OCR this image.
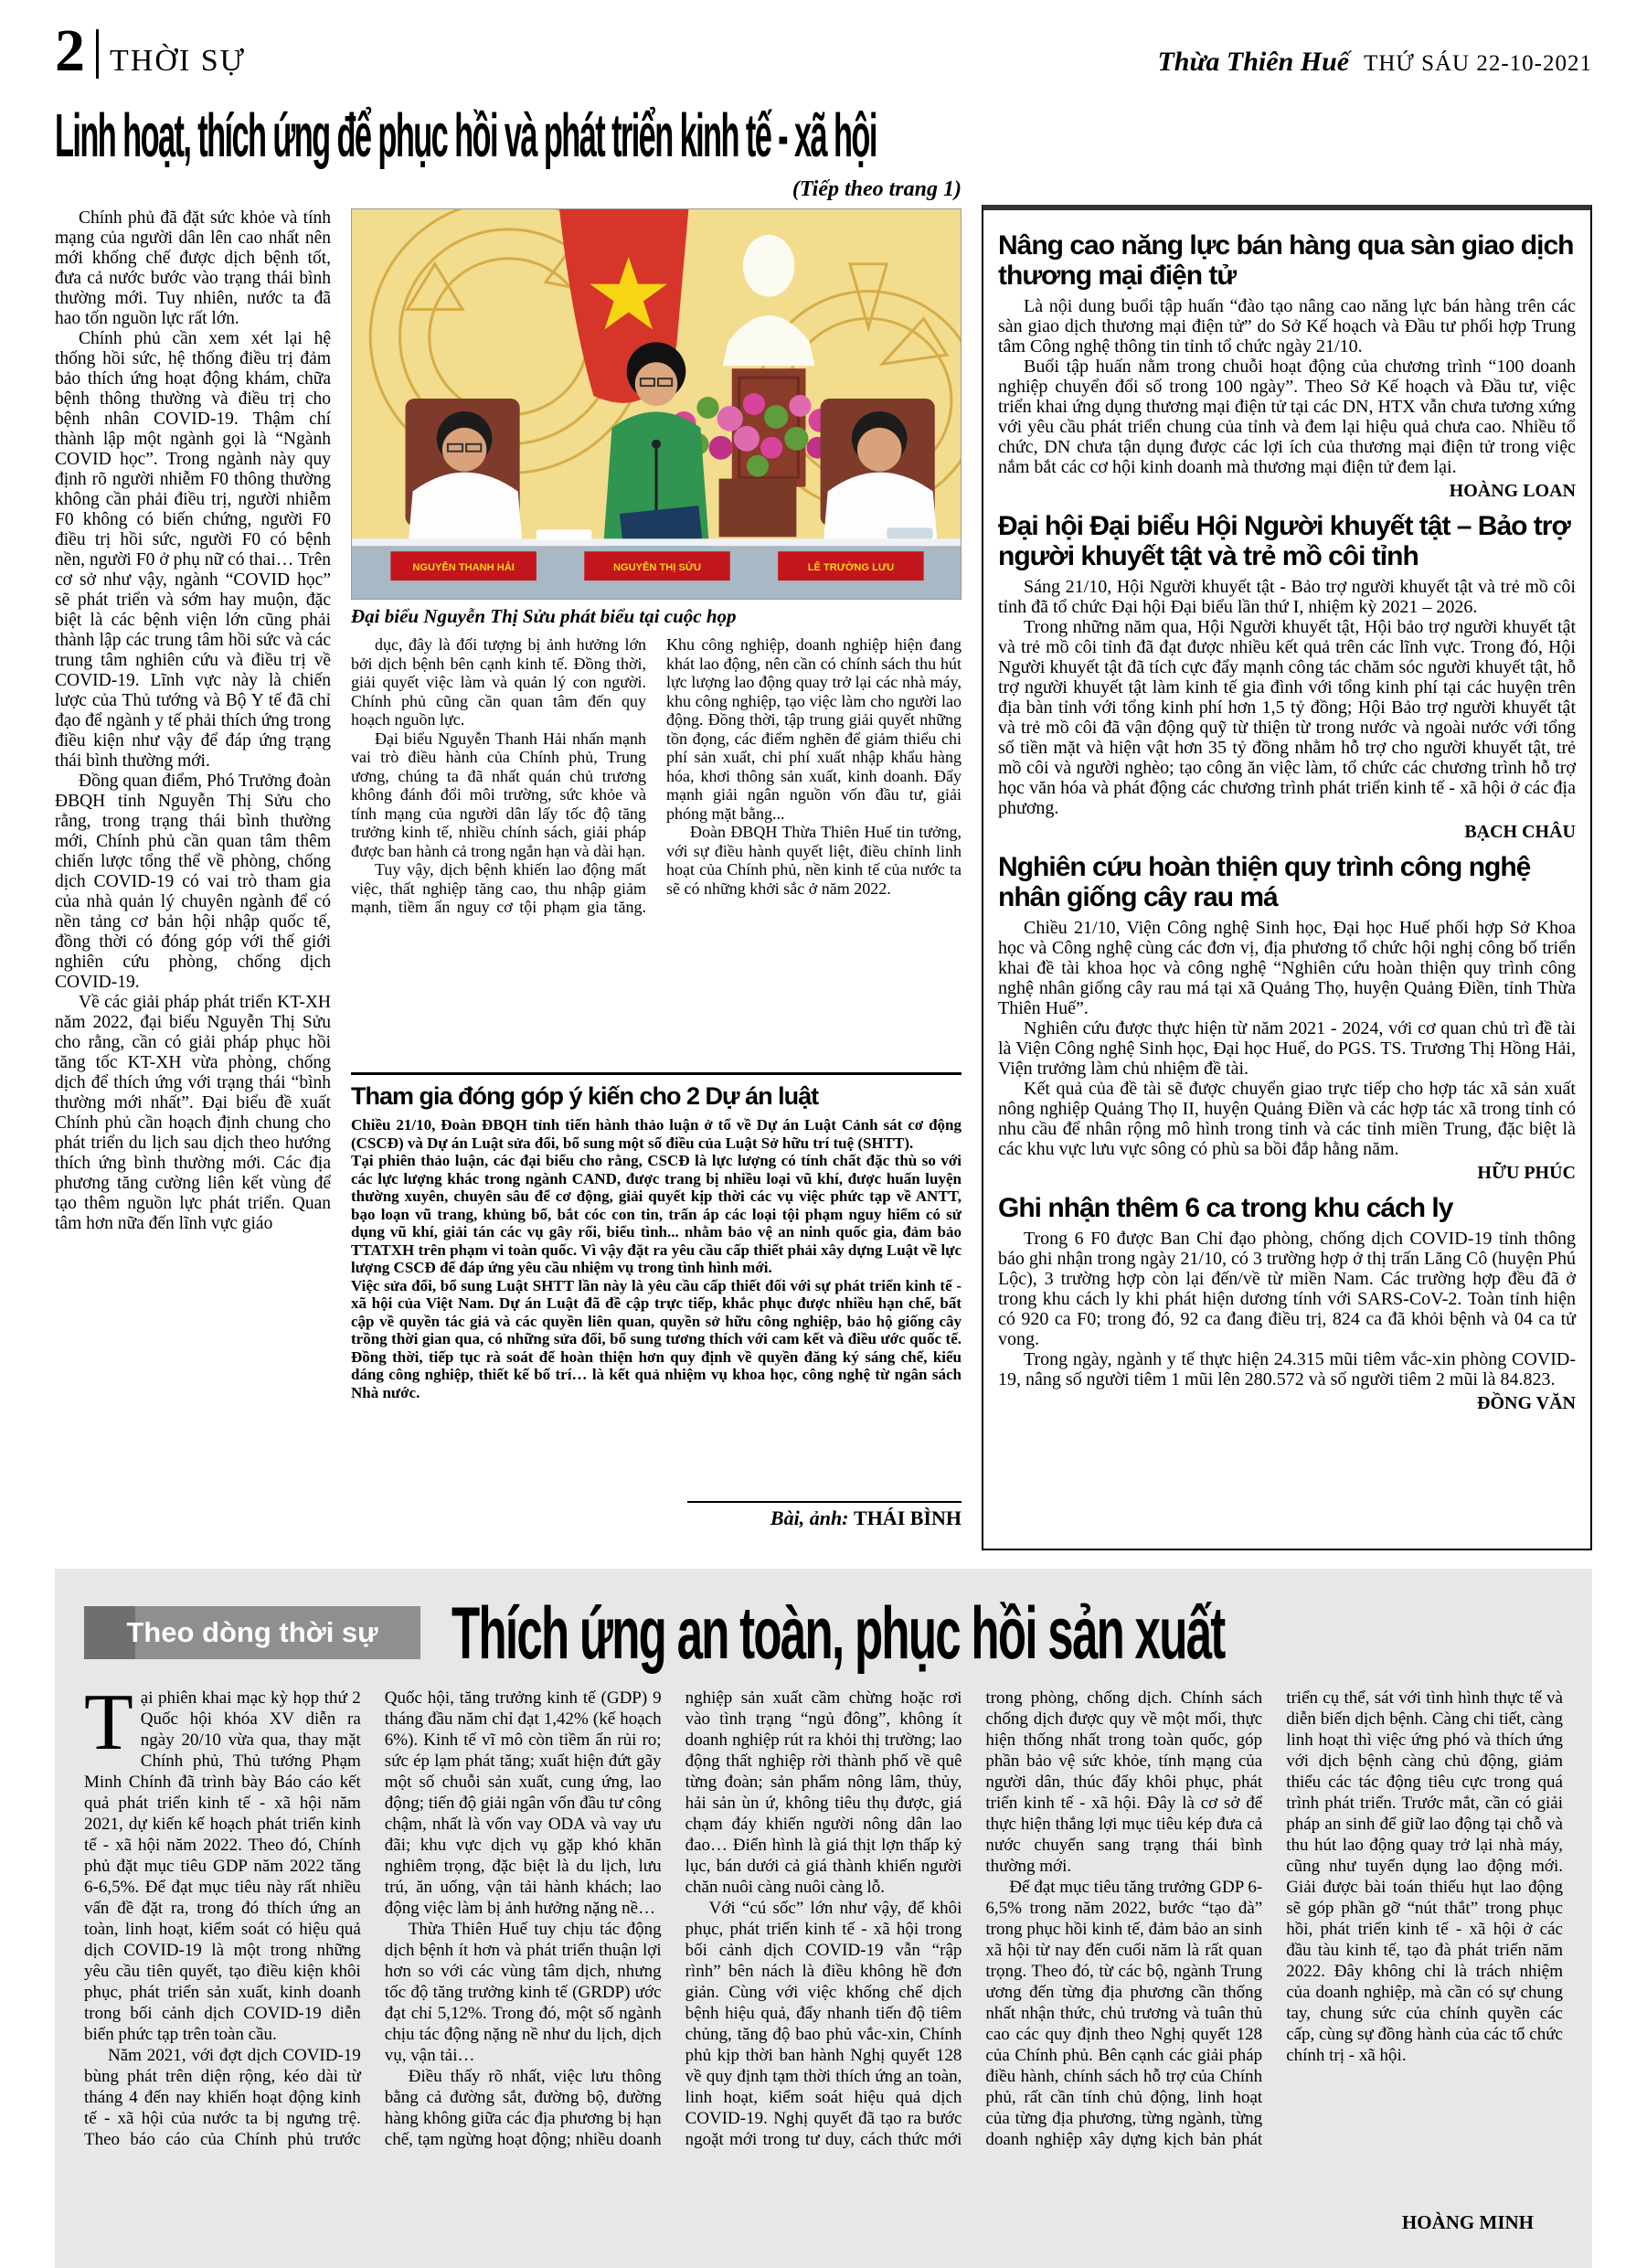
2 THỜI SỰ	Thừa Thiên Huế THỨ SÁU 22-10-2021
Linh hoạt, thích ứng để phục hồi và phát triển kinh tế - xã hội
(Tiếp theo trang 1)

Chính phủ đã đặt sức khỏe và tính mạng của người dân lên cao nhất nên mới khống chế được dịch bệnh tốt, đưa cả nước bước vào trạng thái bình thường mới. Tuy nhiên, nước ta đã hao tốn nguồn lực rất lớn.

Chính phủ cần xem xét lại hệ thống hồi sức, hệ thống điều trị đảm bảo thích ứng hoạt động khám, chữa bệnh thông thường và điều trị cho bệnh nhân COVID-19. Thậm chí thành lập một ngành gọi là “Ngành COVID học”. Trong ngành này quy định rõ người nhiễm F0 thông thường không cần phải điều trị, người nhiễm F0 không có biến chứng, người F0 điều trị hồi sức, người F0 có bệnh nền, người F0 ở phụ nữ có thai… Trên cơ sở như vậy, ngành “COVID học” sẽ phát triển và sớm hay muộn, đặc biệt là các bệnh viện lớn cũng phải thành lập các trung tâm hồi sức và các trung tâm nghiên cứu và điều trị về COVID-19. Lĩnh vực này là chiến lược của Thủ tướng và Bộ Y tế đã chỉ đạo để ngành y tế phải thích ứng trong điều kiện như vậy để đáp ứng trạng thái bình thường mới.

Đồng quan điểm, Phó Trưởng đoàn ĐBQH tỉnh Nguyễn Thị Sửu cho rằng, trong trạng thái bình thường mới, Chính phủ cần quan tâm thêm chiến lược tổng thể về phòng, chống dịch COVID-19 có vai trò tham gia của nhà quản lý chuyên ngành để có nền tảng cơ bản hội nhập quốc tế, đồng thời có đóng góp với thế giới nghiên cứu phòng, chống dịch COVID-19.

Về các giải pháp phát triển KT-XH năm 2022, đại biểu Nguyễn Thị Sửu cho rằng, cần có giải pháp phục hồi tăng tốc KT-XH vừa phòng, chống dịch để thích ứng với trạng thái “bình thường mới nhất”. Đại biểu đề xuất Chính phủ cần hoạch định chung cho phát triển du lịch sau dịch theo hướng thích ứng bình thường mới. Các địa phương tăng cường liên kết vùng để tạo thêm nguồn lực phát triển. Quan tâm hơn nữa đến lĩnh vực giáo

NGUYỄN THANH HẢI	NGUYỄN THỊ SỬU	LÊ TRƯỜNG LƯU
Đại biểu Nguyễn Thị Sửu phát biểu tại cuộc họp

dục, đây là đối tượng bị ảnh hưởng lớn bởi dịch bệnh bên cạnh kinh tế. Đồng thời, giải quyết việc làm và quản lý con người. Chính phủ cũng cần quan tâm đến quy hoạch nguồn lực.

Đại biểu Nguyễn Thanh Hải nhấn mạnh vai trò điều hành của Chính phủ, Trung ương, chúng ta đã nhất quán chủ trương không đánh đổi môi trường, sức khỏe và tính mạng của người dân lấy tốc độ tăng trưởng kinh tế, nhiều chính sách, giải pháp được ban hành cả trong ngắn hạn và dài hạn.

Tuy vậy, dịch bệnh khiến lao động mất việc, thất nghiệp tăng cao, thu nhập giảm mạnh, tiềm ẩn nguy cơ tội phạm gia tăng. Khu công nghiệp, doanh nghiệp hiện đang khát lao động, nên cần có chính sách thu hút lực lượng lao động quay trở lại các nhà máy, khu công nghiệp, tạo việc làm cho người lao động. Đồng thời, tập trung giải quyết những tồn đọng, các điểm nghẽn để giảm thiểu chi phí sản xuất, chi phí xuất nhập khẩu hàng hóa, khơi thông sản xuất, kinh doanh. Đẩy mạnh giải ngân nguồn vốn đầu tư, giải phóng mặt bằng...

Đoàn ĐBQH Thừa Thiên Huế tin tưởng, với sự điều hành quyết liệt, điều chỉnh linh hoạt của Chính phủ, nền kinh tế của nước ta sẽ có những khởi sắc ở năm 2022.

Tham gia đóng góp ý kiến cho 2 Dự án luật

Chiều 21/10, Đoàn ĐBQH tỉnh tiến hành thảo luận ở tổ về Dự án Luật Cảnh sát cơ động (CSCĐ) và Dự án Luật sửa đổi, bổ sung một số điều của Luật Sở hữu trí tuệ (SHTT).

Tại phiên thảo luận, các đại biểu cho rằng, CSCĐ là lực lượng có tính chất đặc thù so với các lực lượng khác trong ngành CAND, được trang bị nhiều loại vũ khí, được huấn luyện thường xuyên, chuyên sâu để cơ động, giải quyết kịp thời các vụ việc phức tạp về ANTT, bạo loạn vũ trang, khủng bố, bắt cóc con tin, trấn áp các loại tội phạm nguy hiểm có sử dụng vũ khí, giải tán các vụ gây rối, biểu tình... nhằm bảo vệ an ninh quốc gia, đảm bảo TTATXH trên phạm vi toàn quốc. Vì vậy đặt ra yêu cầu cấp thiết phải xây dựng Luật về lực lượng CSCĐ để đáp ứng yêu cầu nhiệm vụ trong tình hình mới.

Việc sửa đổi, bổ sung Luật SHTT lần này là yêu cầu cấp thiết đối với sự phát triển kinh tế - xã hội của Việt Nam. Dự án Luật đã đề cập trực tiếp, khắc phục được nhiều hạn chế, bất cập về quyền tác giả và các quyền liên quan, quyền sở hữu công nghiệp, bảo hộ giống cây trồng thời gian qua, có những sửa đổi, bổ sung tương thích với cam kết và điều ước quốc tế. Đồng thời, tiếp tục rà soát để hoàn thiện hơn quy định về quyền đăng ký sáng chế, kiểu dáng công nghiệp, thiết kế bố trí… là kết quả nhiệm vụ khoa học, công nghệ từ ngân sách Nhà nước.

Bài, ảnh: THÁI BÌNH
Nâng cao năng lực bán hàng qua sàn giao dịch thương mại điện tử

Là nội dung buổi tập huấn “đào tạo nâng cao năng lực bán hàng trên các sàn giao dịch thương mại điện tử” do Sở Kế hoạch và Đầu tư phối hợp Trung tâm Công nghệ thông tin tỉnh tổ chức ngày 21/10.

Buổi tập huấn nằm trong chuỗi hoạt động của chương trình “100 doanh nghiệp chuyển đổi số trong 100 ngày”. Theo Sở Kế hoạch và Đầu tư, việc triển khai ứng dụng thương mại điện tử tại các DN, HTX vẫn chưa tương xứng với yêu cầu phát triển chung của tỉnh và đem lại hiệu quả chưa cao. Nhiều tổ chức, DN chưa tận dụng được các lợi ích của thương mại điện tử trong việc nắm bắt các cơ hội kinh doanh mà thương mại điện tử đem lại.

HOÀNG LOAN
Đại hội Đại biểu Hội Người khuyết tật – Bảo trợ người khuyết tật và trẻ mồ côi tỉnh

Sáng 21/10, Hội Người khuyết tật - Bảo trợ người khuyết tật và trẻ mồ côi tỉnh đã tổ chức Đại hội Đại biểu lần thứ I, nhiệm kỳ 2021 – 2026.

Trong những năm qua, Hội Người khuyết tật, Hội bảo trợ người khuyết tật và trẻ mồ côi tỉnh đã đạt được nhiều kết quả trên các lĩnh vực. Trong đó, Hội Người khuyết tật đã tích cực đẩy mạnh công tác chăm sóc người khuyết tật, hỗ trợ người khuyết tật làm kinh tế gia đình với tổng kinh phí tại các huyện trên địa bàn tỉnh với tổng kinh phí hơn 1,5 tỷ đồng; Hội Bảo trợ người khuyết tật và trẻ mồ côi đã vận động quỹ từ thiện từ trong nước và ngoài nước với tổng số tiền mặt và hiện vật hơn 35 tỷ đồng nhằm hỗ trợ cho người khuyết tật, trẻ mồ côi và người nghèo; tạo công ăn việc làm, tổ chức các chương trình hỗ trợ học văn hóa và phát động các chương trình phát triển kinh tế - xã hội ở các địa phương.

BẠCH CHÂU
Nghiên cứu hoàn thiện quy trình công nghệ nhân giống cây rau má

Chiều 21/10, Viện Công nghệ Sinh học, Đại học Huế phối hợp Sở Khoa học và Công nghệ cùng các đơn vị, địa phương tổ chức hội nghị công bố triển khai đề tài khoa học và công nghệ “Nghiên cứu hoàn thiện quy trình công nghệ nhân giống cây rau má tại xã Quảng Thọ, huyện Quảng Điền, tỉnh Thừa Thiên Huế”.

Nghiên cứu được thực hiện từ năm 2021 - 2024, với cơ quan chủ trì đề tài là Viện Công nghệ Sinh học, Đại học Huế, do PGS. TS. Trương Thị Hồng Hải, Viện trưởng làm chủ nhiệm đề tài.

Kết quả của đề tài sẽ được chuyển giao trực tiếp cho hợp tác xã sản xuất nông nghiệp Quảng Thọ II, huyện Quảng Điền và các hợp tác xã trong tỉnh có nhu cầu để nhân rộng mô hình trong tỉnh và các tỉnh miền Trung, đặc biệt là các khu vực lưu vực sông có phù sa bồi đắp hằng năm.

HỮU PHÚC
Ghi nhận thêm 6 ca trong khu cách ly

Trong 6 F0 được Ban Chỉ đạo phòng, chống dịch COVID-19 tỉnh thông báo ghi nhận trong ngày 21/10, có 3 trường hợp ở thị trấn Lăng Cô (huyện Phú Lộc), 3 trường hợp còn lại đến/về từ miền Nam. Các trường hợp đều đã ở trong khu cách ly khi phát hiện dương tính với SARS-CoV-2. Toàn tỉnh hiện có 920 ca F0; trong đó, 92 ca đang điều trị, 824 ca đã khỏi bệnh và 04 ca tử vong.

Trong ngày, ngành y tế thực hiện 24.315 mũi tiêm vắc-xin phòng COVID-19, nâng số người tiêm 1 mũi lên 280.572 và số người tiêm 2 mũi là 84.823.

ĐỒNG VĂN
Theo dòng thời sự Thích ứng an toàn, phục hồi sản xuất

Tại phiên khai mạc kỳ họp thứ 2 Quốc hội khóa XV diễn ra ngày 20/10 vừa qua, thay mặt Chính phủ, Thủ tướng Phạm Minh Chính đã trình bày Báo cáo kết quả phát triển kinh tế - xã hội năm 2021, dự kiến kế hoạch phát triển kinh tế - xã hội năm 2022. Theo đó, Chính phủ đặt mục tiêu GDP năm 2022 tăng 6-6,5%. Để đạt mục tiêu này rất nhiều vấn đề đặt ra, trong đó thích ứng an toàn, linh hoạt, kiểm soát có hiệu quả dịch COVID-19 là một trong những yêu cầu tiên quyết, tạo điều kiện khôi phục, phát triển sản xuất, kinh doanh trong bối cảnh dịch COVID-19 diễn biến phức tạp trên toàn cầu.

Năm 2021, với đợt dịch COVID-19 bùng phát trên diện rộng, kéo dài từ tháng 4 đến nay khiến hoạt động kinh tế - xã hội của nước ta bị ngưng trệ. Theo báo cáo của Chính phủ trước Quốc hội, tăng trưởng kinh tế (GDP) 9 tháng đầu năm chỉ đạt 1,42% (kế hoạch 6%). Kinh tế vĩ mô còn tiềm ẩn rủi ro; sức ép lạm phát tăng; xuất hiện đứt gãy một số chuỗi sản xuất, cung ứng, lao động; tiến độ giải ngân vốn đầu tư công chậm, nhất là vốn vay ODA và vay ưu đãi; khu vực dịch vụ gặp khó khăn nghiêm trọng, đặc biệt là du lịch, lưu trú, ăn uống, vận tải hành khách; lao động việc làm bị ảnh hưởng nặng nề…

Thừa Thiên Huế tuy chịu tác động dịch bệnh ít hơn và phát triển thuận lợi hơn so với các vùng tâm dịch, nhưng tốc độ tăng trưởng kinh tế (GRDP) ước đạt chỉ 5,12%. Trong đó, một số ngành chịu tác động nặng nề như du lịch, dịch vụ, vận tải…

Điều thấy rõ nhất, việc lưu thông bằng cả đường sắt, đường bộ, đường hàng không giữa các địa phương bị hạn chế, tạm ngừng hoạt động; nhiều doanh nghiệp sản xuất cầm chừng hoặc rơi vào tình trạng “ngủ đông”, không ít doanh nghiệp rút ra khỏi thị trường; lao động thất nghiệp rời thành phố về quê từng đoàn; sản phẩm nông lâm, thủy, hải sản ùn ứ, không tiêu thụ được, giá chạm đáy khiến người nông dân lao đao… Điển hình là giá thịt lợn thấp kỷ lục, bán dưới cả giá thành khiến người chăn nuôi càng nuôi càng lỗ.

Với “cú sốc” lớn như vậy, để khôi phục, phát triển kinh tế - xã hội trong bối cảnh dịch COVID-19 vẫn “rập rình” bên nách là điều không hề đơn giản. Cùng với việc khống chế dịch bệnh hiệu quả, đẩy nhanh tiến độ tiêm chủng, tăng độ bao phủ vắc-xin, Chính phủ kịp thời ban hành Nghị quyết 128 về quy định tạm thời thích ứng an toàn, linh hoạt, kiểm soát hiệu quả dịch COVID-19. Nghị quyết đã tạo ra bước ngoặt mới trong tư duy, cách thức mới trong phòng, chống dịch. Chính sách chống dịch được quy về một mối, thực hiện thống nhất trong toàn quốc, góp phần bảo vệ sức khỏe, tính mạng của người dân, thúc đẩy khôi phục, phát triển kinh tế - xã hội. Đây là cơ sở để thực hiện thắng lợi mục tiêu kép đưa cả nước chuyển sang trạng thái bình thường mới.

Để đạt mục tiêu tăng trưởng GDP 6-6,5% trong năm 2022, bước “tạo đà” trong phục hồi kinh tế, đảm bảo an sinh xã hội từ nay đến cuối năm là rất quan trọng. Theo đó, từ các bộ, ngành Trung ương đến từng địa phương cần thống nhất nhận thức, chủ trương và tuân thủ cao các quy định theo Nghị quyết 128 của Chính phủ. Bên cạnh các giải pháp điều hành, chính sách hỗ trợ của Chính phủ, rất cần tính chủ động, linh hoạt của từng địa phương, từng ngành, từng doanh nghiệp xây dựng kịch bản phát triển cụ thể, sát với tình hình thực tế và diễn biến dịch bệnh. Càng chi tiết, càng linh hoạt thì việc ứng phó và thích ứng với dịch bệnh càng chủ động, giảm thiểu các tác động tiêu cực trong quá trình phát triển. Trước mắt, cần có giải pháp an sinh để giữ lao động tại chỗ và thu hút lao động quay trở lại nhà máy, cũng như tuyển dụng lao động mới. Giải được bài toán thiếu hụt lao động sẽ góp phần gỡ “nút thắt” trong phục hồi, phát triển kinh tế - xã hội ở các đầu tàu kinh tế, tạo đà phát triển năm 2022. Đây không chỉ là trách nhiệm của doanh nghiệp, mà cần có sự chung tay, chung sức của chính quyền các cấp, cùng sự đồng hành của các tổ chức chính trị - xã hội.

HOÀNG MINH
